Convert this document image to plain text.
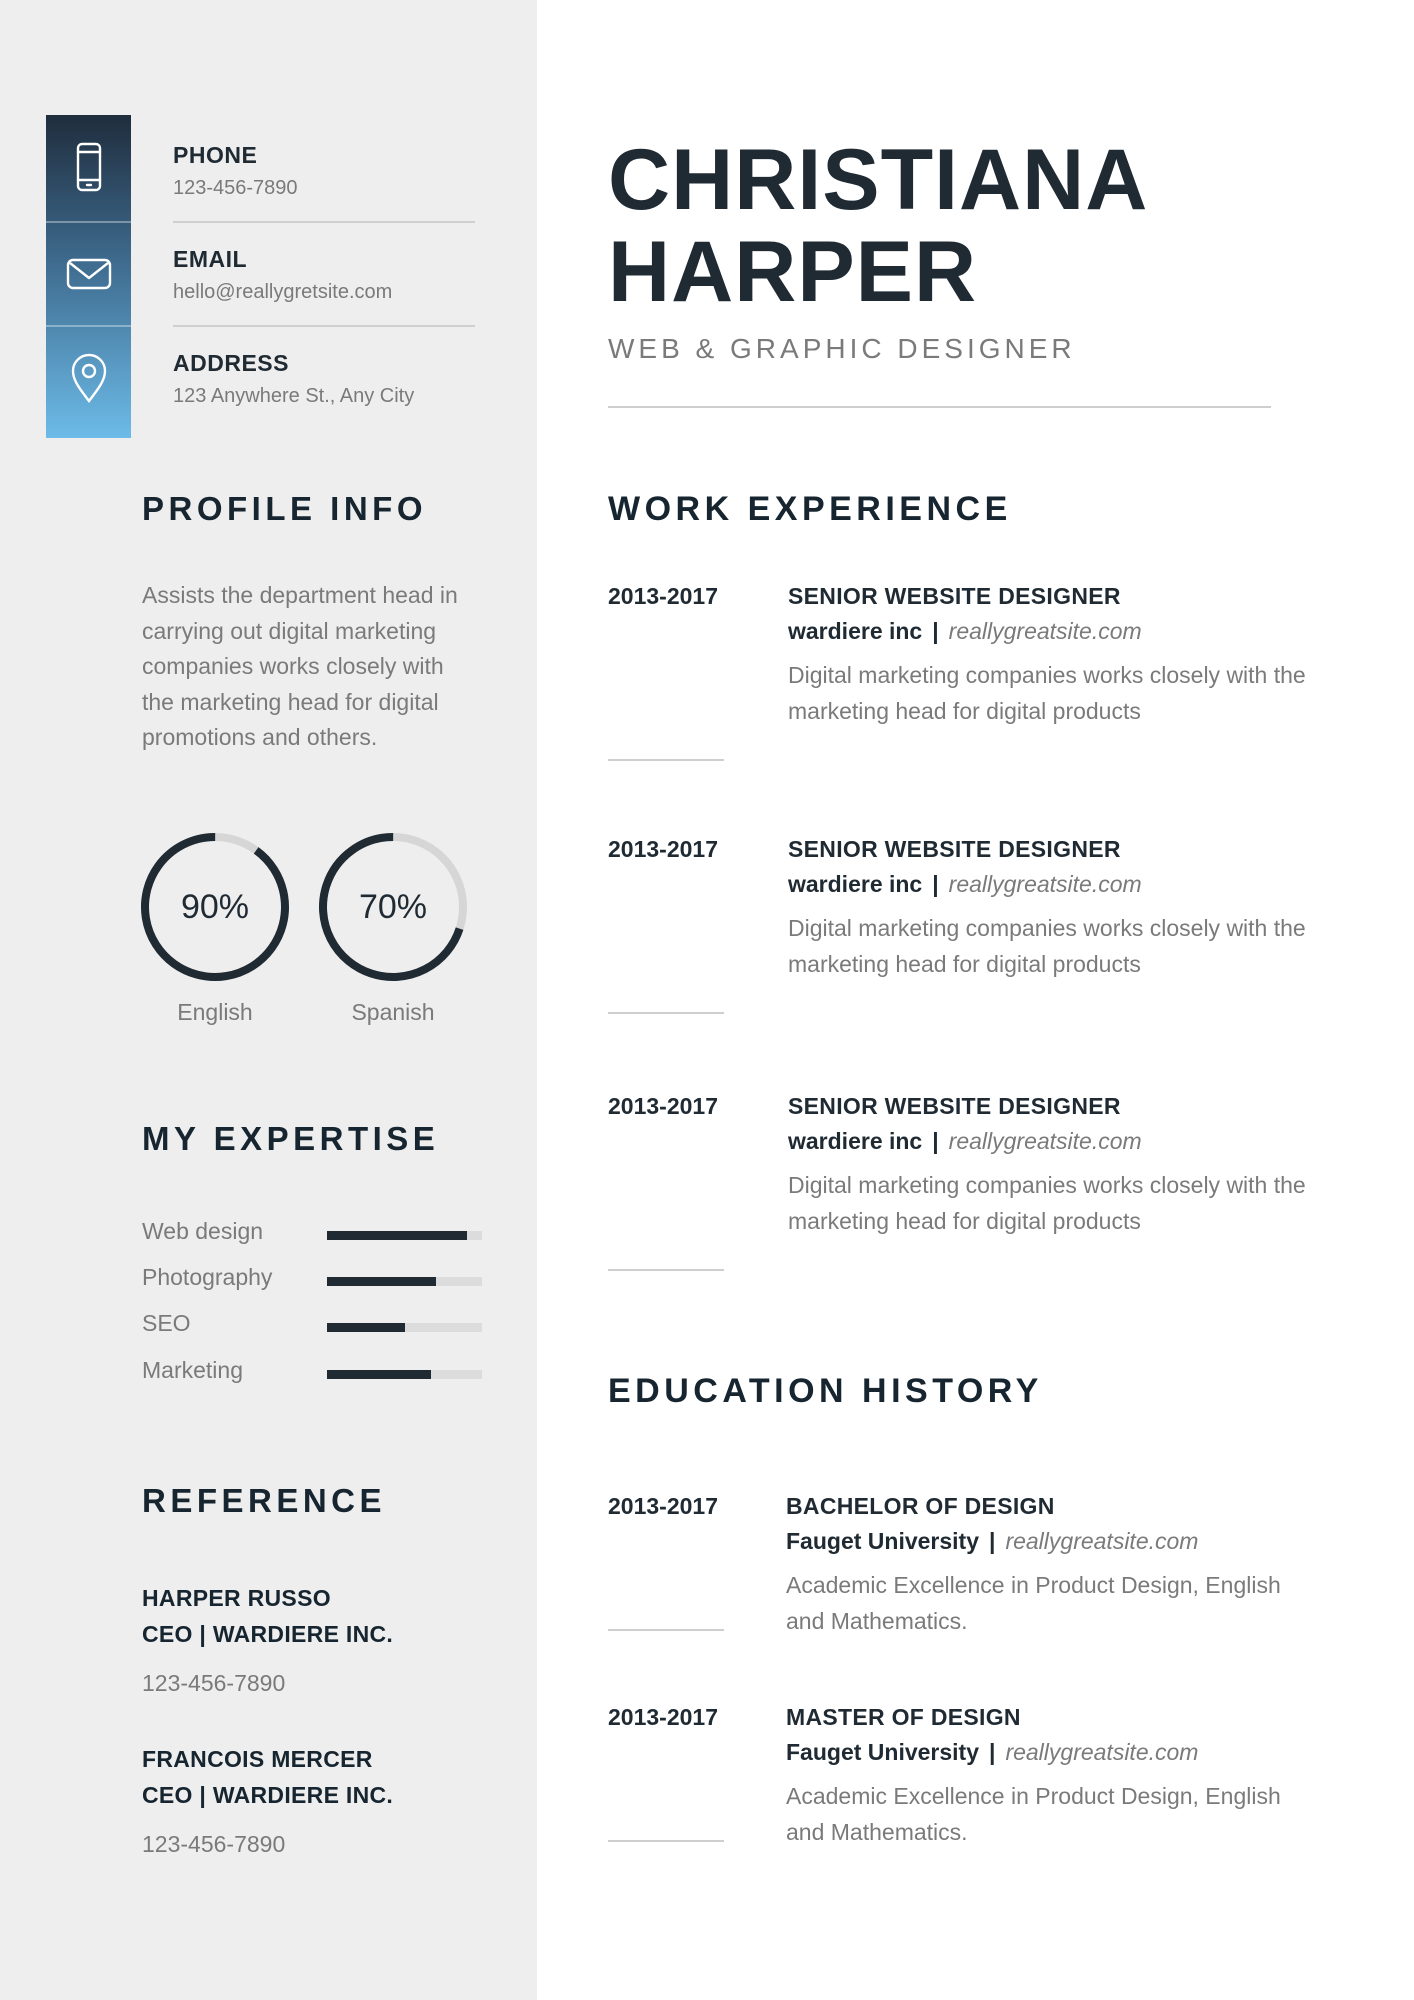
PHONE
123-456-7890
EMAIL
hello@reallygretsite.com
ADDRESS
123 Anywhere St., Any City
PROFILE INFO
Assists the department head in carrying out digital marketing companies works closely with the marketing head for digital promotions and others.
90%
English
70%
Spanish
MY EXPERTISE
Web design
Photography
SEO
Marketing
REFERENCE
HARPER RUSSO
CEO | WARDIERE INC.
123-456-7890
FRANCOIS MERCER
CEO | WARDIERE INC.
123-456-7890
CHRISTIANA
HARPER
WEB & GRAPHIC DESIGNER
WORK EXPERIENCE
2013-2017	SENIOR WEBSITE DESIGNER
wardiere inc | reallygreatsite.com
Digital marketing companies works closely with the marketing head for digital products
2013-2017	SENIOR WEBSITE DESIGNER
wardiere inc | reallygreatsite.com
Digital marketing companies works closely with the marketing head for digital products
2013-2017	SENIOR WEBSITE DESIGNER
wardiere inc | reallygreatsite.com
Digital marketing companies works closely with the marketing head for digital products
EDUCATION HISTORY
2013-2017	BACHELOR OF DESIGN
Fauget University | reallygreatsite.com
Academic Excellence in Product Design, English and Mathematics.
2013-2017	MASTER OF DESIGN
Fauget University | reallygreatsite.com
Academic Excellence in Product Design, English and Mathematics.
